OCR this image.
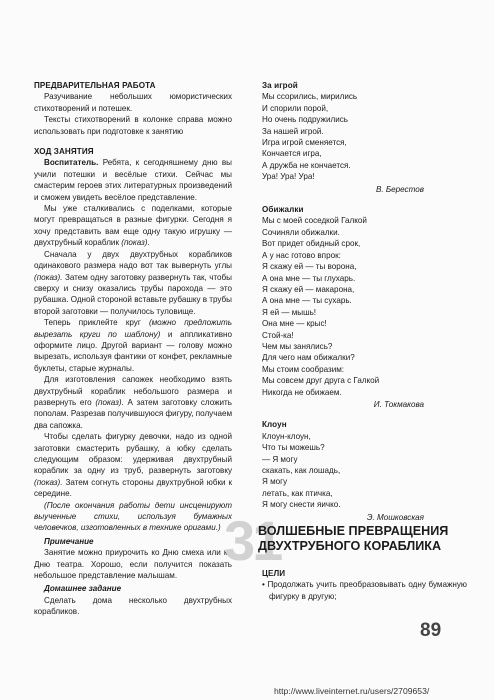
ПРЕДВАРИТЕЛЬНАЯ РАБОТА

Разучивание небольших юмористических стихотворений и потешек.

Тексты стихотворений в колонке справа можно использовать при подготовке к занятию

ХОД ЗАНЯТИЯ

Воспитатель. Ребята, к сегодняшнему дню вы учили потешки и весёлые стихи. Сейчас мы смастерим героев этих литературных произведений и сможем увидеть весёлое представление.

Мы уже сталкивались с поделками, которые могут превращаться в разные фигурки. Сегодня я хочу представить вам еще одну такую игрушку — двухтрубный кораблик (показ).

Сначала у двух двухтрубных корабликов одинакового размера надо вот так вывернуть углы (показ). Затем одну заготовку развернуть так, чтобы сверху и снизу оказались трубы парохода — это рубашка. Одной стороной вставьте рубашку в трубы второй заготовки — получилось туловище.

Теперь приклейте круг (можно предложить вырезать круги по шаблону) и аппликативно оформите лицо. Другой вариант — голову можно вырезать, используя фантики от конфет, рекламные буклеты, старые журналы.

Для изготовления сапожек необходимо взять двухтрубный кораблик небольшого размера и развернуть его (показ). А затем заготовку сложить пополам. Разрезав получившуюся фигуру, получаем два сапожка.

Чтобы сделать фигурку девочки, надо из одной заготовки смастерить рубашку, а юбку сделать следующим образом: удерживая двухтрубный кораблик за одну из труб, развернуть заготовку (показ). Затем согнуть стороны двухтрубной юбки к середине.

(После окончания работы дети инсценируют выученные стихи, используя бумажных человечков, изготовленных в технике оригами.)

Примечание

Занятие можно приурочить ко Дню смеха или ко Дню театра. Хорошо, если получится показать небольшое представление малышам.

Домашнее задание

Сделать дома несколько двухтрубных корабликов.

За игрой
Мы ссорились, мирились
И спорили порой,
Но очень подружились
За нашей игрой.
Игра игрой сменяется,
Кончается игра,
А дружба не кончается.
Ура! Ура! Ура!
В. Берестов
Обижалки
Мы с моей соседкой Галкой
Сочиняли обижалки.
Вот придет обидный срок,
А у нас готово впрок:
Я скажу ей — ты ворона,
А она мне — ты глухарь.
Я скажу ей — макарона,
А она мне — ты сухарь.
Я ей — мышь!
Она мне — крыс!
Стой-ка!
Чем мы занялись?
Для чего нам обижалки?
Мы стоим сообразим:
Мы совсем друг друга с Галкой
Никогда не обижаем.
И. Токмакова
Клоун
Клоун-клоун,
Что ты можешь?
— Я могу
скакать, как лошадь,
Я могу
летать, как птичка,
Я могу снести яичко.
Э. Мошковская
31
ВОЛШЕБНЫЕ ПРЕВРАЩЕНИЯ
ДВУХТРУБНОГО КОРАБЛИКА
ЦЕЛИ
• Продолжать учить преобразовывать одну бумажную фигурку в другую;
89
http://www.liveinternet.ru/users/2709653/
